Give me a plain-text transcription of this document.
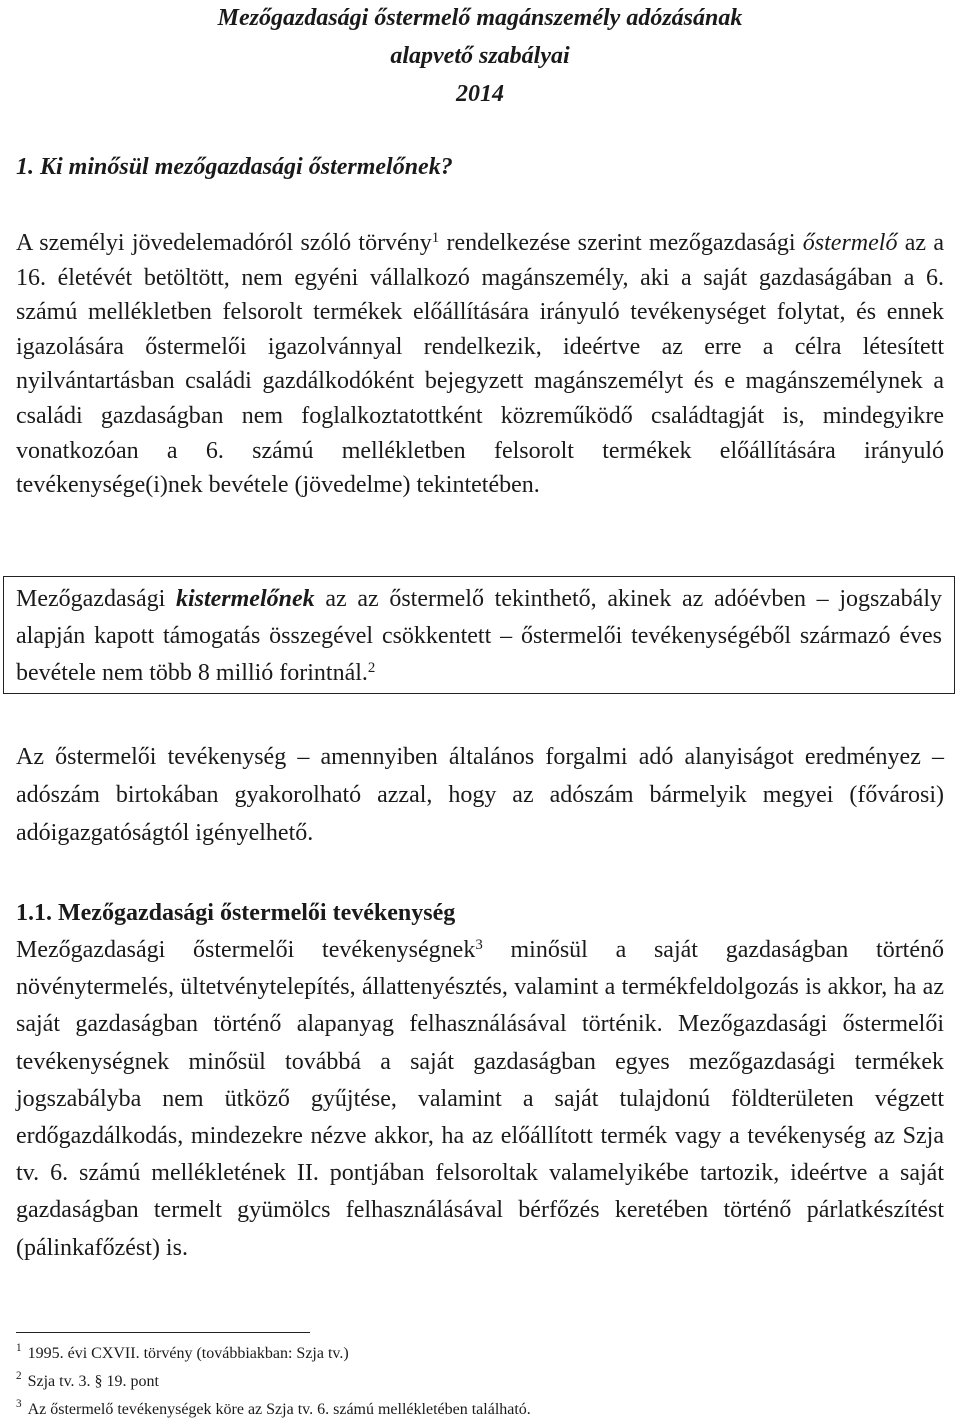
Mezőgazdasági őstermelő magánszemély adózásának
alapvető szabályai
2014
1. Ki minősül mezőgazdasági őstermelőnek?

A személyi jövedelemadóról szóló törvény$^1$ rendelkezése szerint mezőgazdasági őstermelő az a 16. életévét betöltött, nem egyéni vállalkozó magánszemély, aki a saját gazdaságában a 6. számú mellékletben felsorolt termékek előállítására irányuló tevékenységet folytat, és ennek igazolására őstermelői igazolvánnyal rendelkezik, ideértve az erre a célra létesített nyilvántartásban családi gazdálkodóként bejegyzett magánszemélyt és e magánszemélynek a családi gazdaságban nem foglalkoztatottként közreműködő családtagját is, mindegyikre vonatkozóan a 6. számú mellékletben felsorolt termékek előállítására irányuló tevékenysége(i)nek bevétele (jövedelme) tekintetében.

Mezőgazdasági kistermelőnek az az őstermelő tekinthető, akinek az adóévben – jogszabály alapján kapott támogatás összegével csökkentett – őstermelői tevékenységéből származó éves bevétele nem több 8 millió forintnál.$^2$

Az őstermelői tevékenység – amennyiben általános forgalmi adó alanyiságot eredményez – adószám birtokában gyakorolható azzal, hogy az adószám bármelyik megyei (fővárosi) adóigazgatóságtól igényelhető.

1.1. Mezőgazdasági őstermelői tevékenység

Mezőgazdasági őstermelői tevékenységnek$^3$ minősül a saját gazdaságban történő növénytermelés, ültetvénytelepítés, állattenyésztés, valamint a termékfeldolgozás is akkor, ha az saját gazdaságban történő alapanyag felhasználásával történik. Mezőgazdasági őstermelői tevékenységnek minősül továbbá a saját gazdaságban egyes mezőgazdasági termékek jogszabályba nem ütköző gyűjtése, valamint a saját tulajdonú földterületen végzett erdőgazdálkodás, mindezekre nézve akkor, ha az előállított termék vagy a tevékenység az Szja tv. 6. számú mellékletének II. pontjában felsoroltak valamelyikébe tartozik, ideértve a saját gazdaságban termelt gyümölcs felhasználásával bérfőzés keretében történő párlatkészítést (pálinkafőzést) is.

$^1$ 1995. évi CXVII. törvény (továbbiakban: Szja tv.)

$^2$ Szja tv. 3. § 19. pont

$^3$ Az őstermelő tevékenységek köre az Szja tv. 6. számú mellékletében található.
